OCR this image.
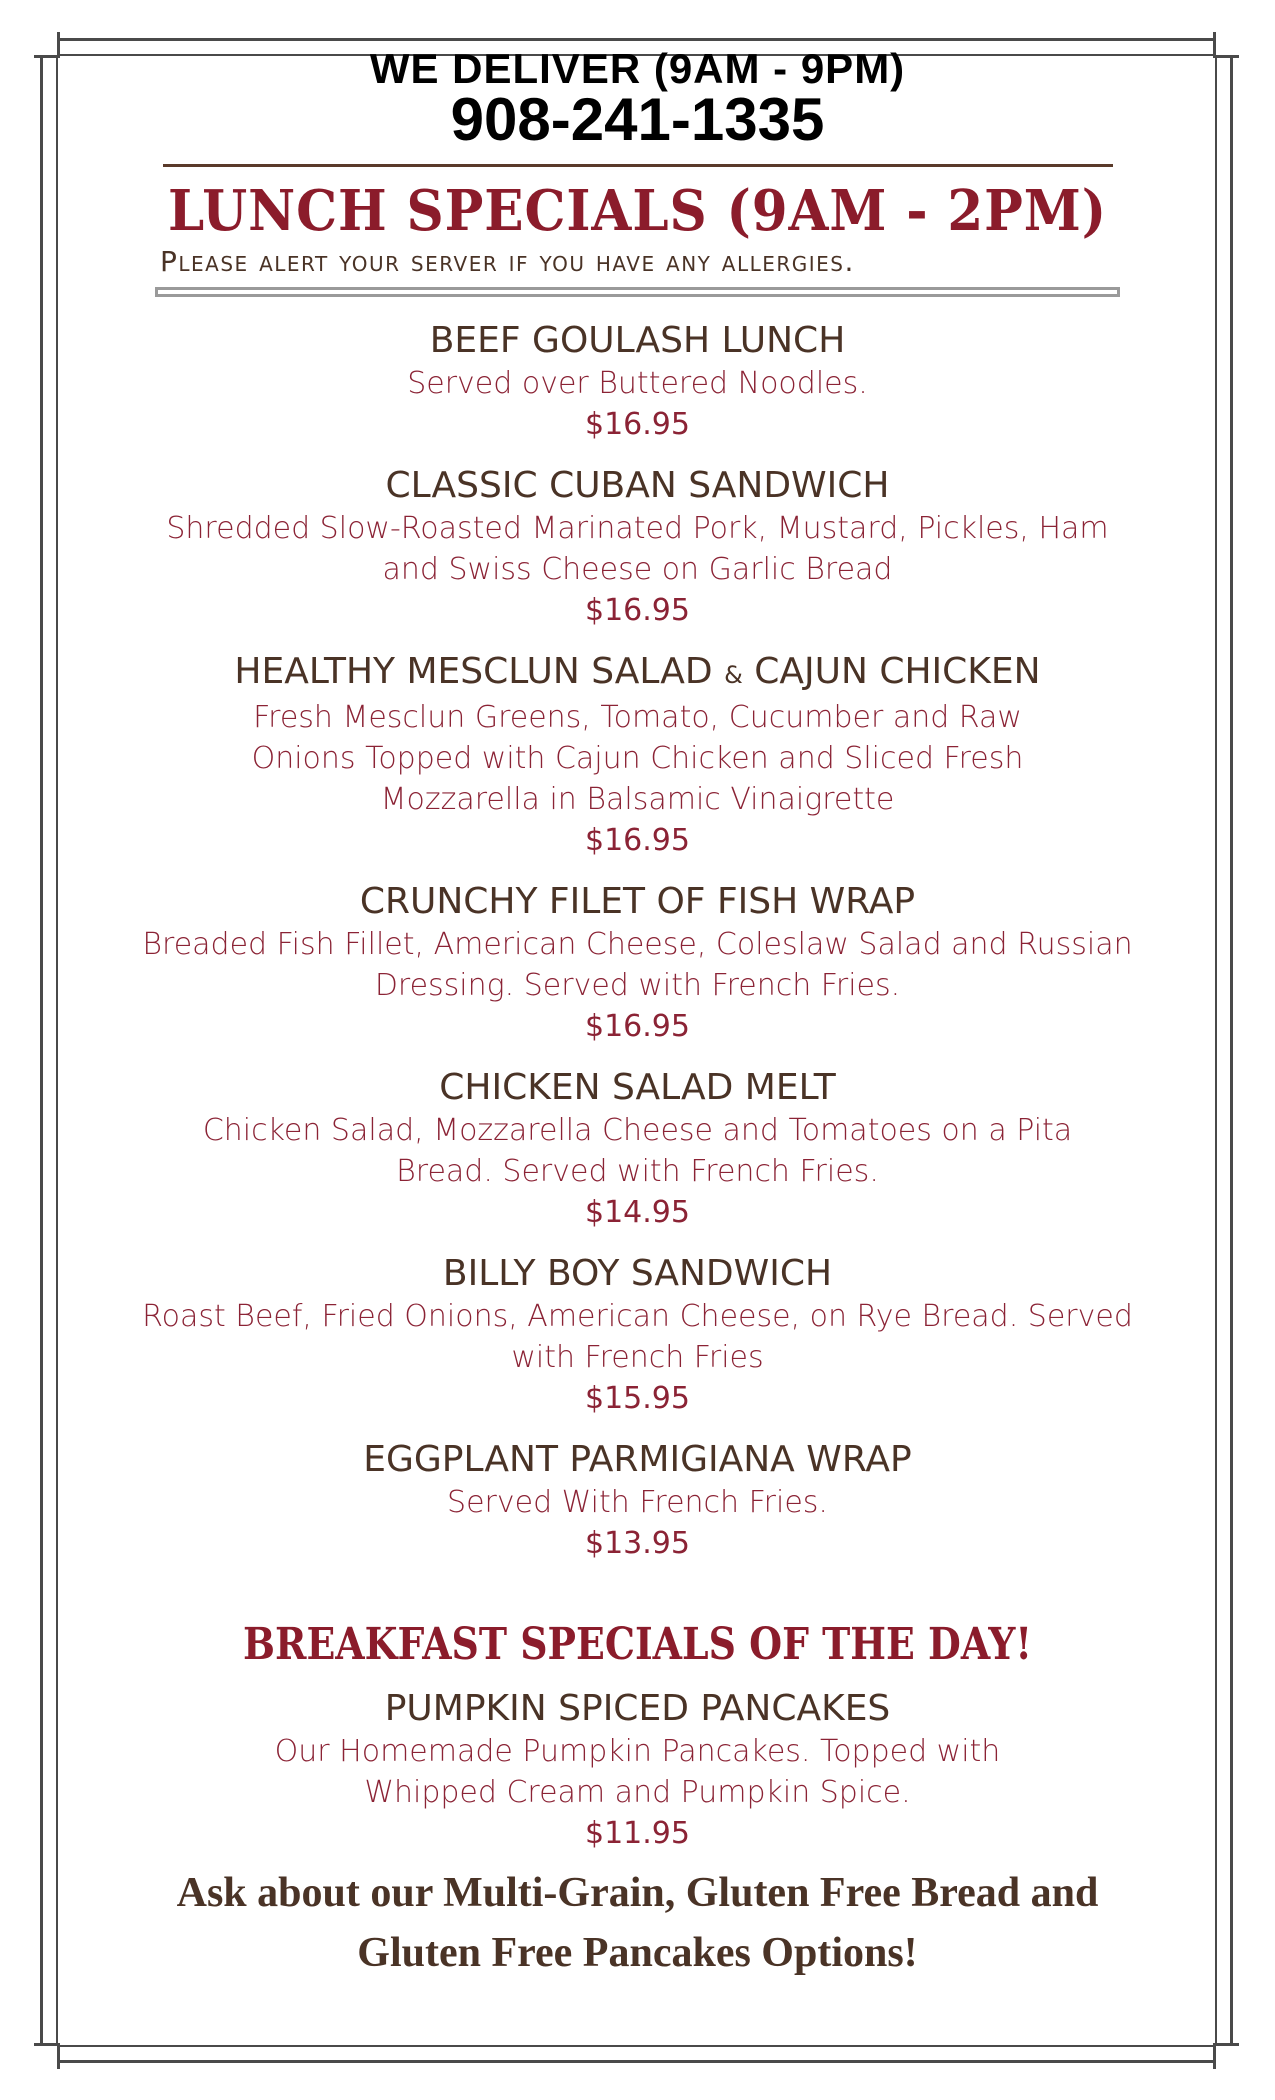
WE DELIVER (9AM - 9PM)
908-241-1335
LUNCH SPECIALS (9AM - 2PM)
Please alert your server if you have any allergies.
BEEF GOULASH LUNCH
Served over Buttered Noodles.
$16.95
CLASSIC CUBAN SANDWICH
Shredded Slow-Roasted Marinated Pork, Mustard, Pickles, Ham and Swiss Cheese on Garlic Bread
$16.95
HEALTHY MESCLUN SALAD & CAJUN CHICKEN
Fresh Mesclun Greens, Tomato, Cucumber and Raw Onions Topped with Cajun Chicken and Sliced Fresh Mozzarella in Balsamic Vinaigrette
$16.95
CRUNCHY FILET OF FISH WRAP
Breaded Fish Fillet, American Cheese, Coleslaw Salad and Russian Dressing. Served with French Fries.
$16.95
CHICKEN SALAD MELT
Chicken Salad, Mozzarella Cheese and Tomatoes on a Pita Bread. Served with French Fries.
$14.95
BILLY BOY SANDWICH
Roast Beef, Fried Onions, American Cheese, on Rye Bread. Served with French Fries
$15.95
EGGPLANT PARMIGIANA WRAP
Served With French Fries.
$13.95
BREAKFAST SPECIALS OF THE DAY!
PUMPKIN SPICED PANCAKES
Our Homemade Pumpkin Pancakes. Topped with Whipped Cream and Pumpkin Spice.
$11.95
Ask about our Multi-Grain, Gluten Free Bread and Gluten Free Pancakes Options!
